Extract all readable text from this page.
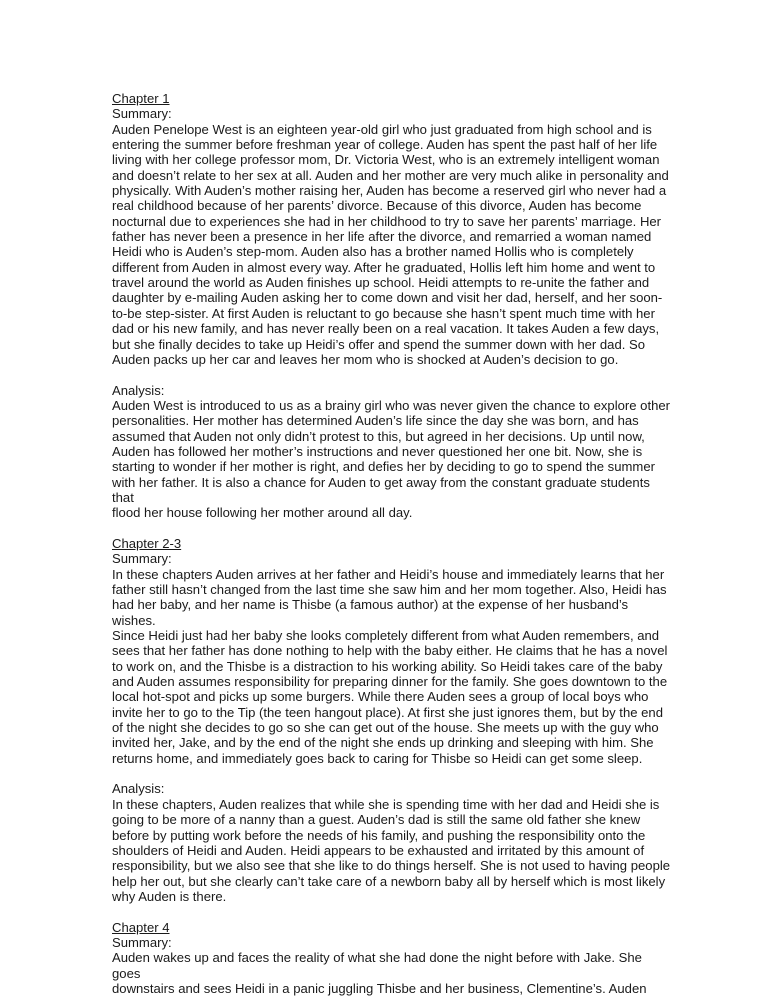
Chapter 1
Summary:
Auden Penelope West is an eighteen year-old girl who just graduated from high school and is
entering the summer before freshman year of college. Auden has spent the past half of her life
living with her college professor mom, Dr. Victoria West, who is an extremely intelligent woman
and doesn’t relate to her sex at all. Auden and her mother are very much alike in personality and
physically. With Auden’s mother raising her, Auden has become a reserved girl who never had a
real childhood because of her parents’ divorce. Because of this divorce, Auden has become
nocturnal due to experiences she had in her childhood to try to save her parents’ marriage. Her
father has never been a presence in her life after the divorce, and remarried a woman named
Heidi who is Auden’s step-mom. Auden also has a brother named Hollis who is completely
different from Auden in almost every way. After he graduated, Hollis left him home and went to
travel around the world as Auden finishes up school. Heidi attempts to re-unite the father and
daughter by e-mailing Auden asking her to come down and visit her dad, herself, and her soon-
to-be step-sister. At first Auden is reluctant to go because she hasn’t spent much time with her
dad or his new family, and has never really been on a real vacation. It takes Auden a few days,
but she finally decides to take up Heidi’s offer and spend the summer down with her dad. So
Auden packs up her car and leaves her mom who is shocked at Auden’s decision to go.
Analysis:
Auden West is introduced to us as a brainy girl who was never given the chance to explore other
personalities. Her mother has determined Auden’s life since the day she was born, and has
assumed that Auden not only didn’t protest to this, but agreed in her decisions. Up until now,
Auden has followed her mother’s instructions and never questioned her one bit. Now, she is
starting to wonder if her mother is right, and defies her by deciding to go to spend the summer
with her father. It is also a chance for Auden to get away from the constant graduate students that
flood her house following her mother around all day.
Chapter 2-3
Summary:
In these chapters Auden arrives at her father and Heidi’s house and immediately learns that her
father still hasn’t changed from the last time she saw him and her mom together. Also, Heidi has
had her baby, and her name is Thisbe (a famous author) at the expense of her husband’s wishes.
Since Heidi just had her baby she looks completely different from what Auden remembers, and
sees that her father has done nothing to help with the baby either. He claims that he has a novel
to work on, and the Thisbe is a distraction to his working ability. So Heidi takes care of the baby
and Auden assumes responsibility for preparing dinner for the family. She goes downtown to the
local hot-spot and picks up some burgers. While there Auden sees a group of local boys who
invite her to go to the Tip (the teen hangout place). At first she just ignores them, but by the end
of the night she decides to go so she can get out of the house. She meets up with the guy who
invited her, Jake, and by the end of the night she ends up drinking and sleeping with him. She
returns home, and immediately goes back to caring for Thisbe so Heidi can get some sleep.
Analysis:
In these chapters, Auden realizes that while she is spending time with her dad and Heidi she is
going to be more of a nanny than a guest. Auden’s dad is still the same old father she knew
before by putting work before the needs of his family, and pushing the responsibility onto the
shoulders of Heidi and Auden. Heidi appears to be exhausted and irritated by this amount of
responsibility, but we also see that she like to do things herself. She is not used to having people
help her out, but she clearly can’t take care of a newborn baby all by herself which is most likely
why Auden is there.
Chapter 4
Summary:
Auden wakes up and faces the reality of what she had done the night before with Jake. She goes
downstairs and sees Heidi in a panic juggling Thisbe and her business, Clementine’s. Auden
